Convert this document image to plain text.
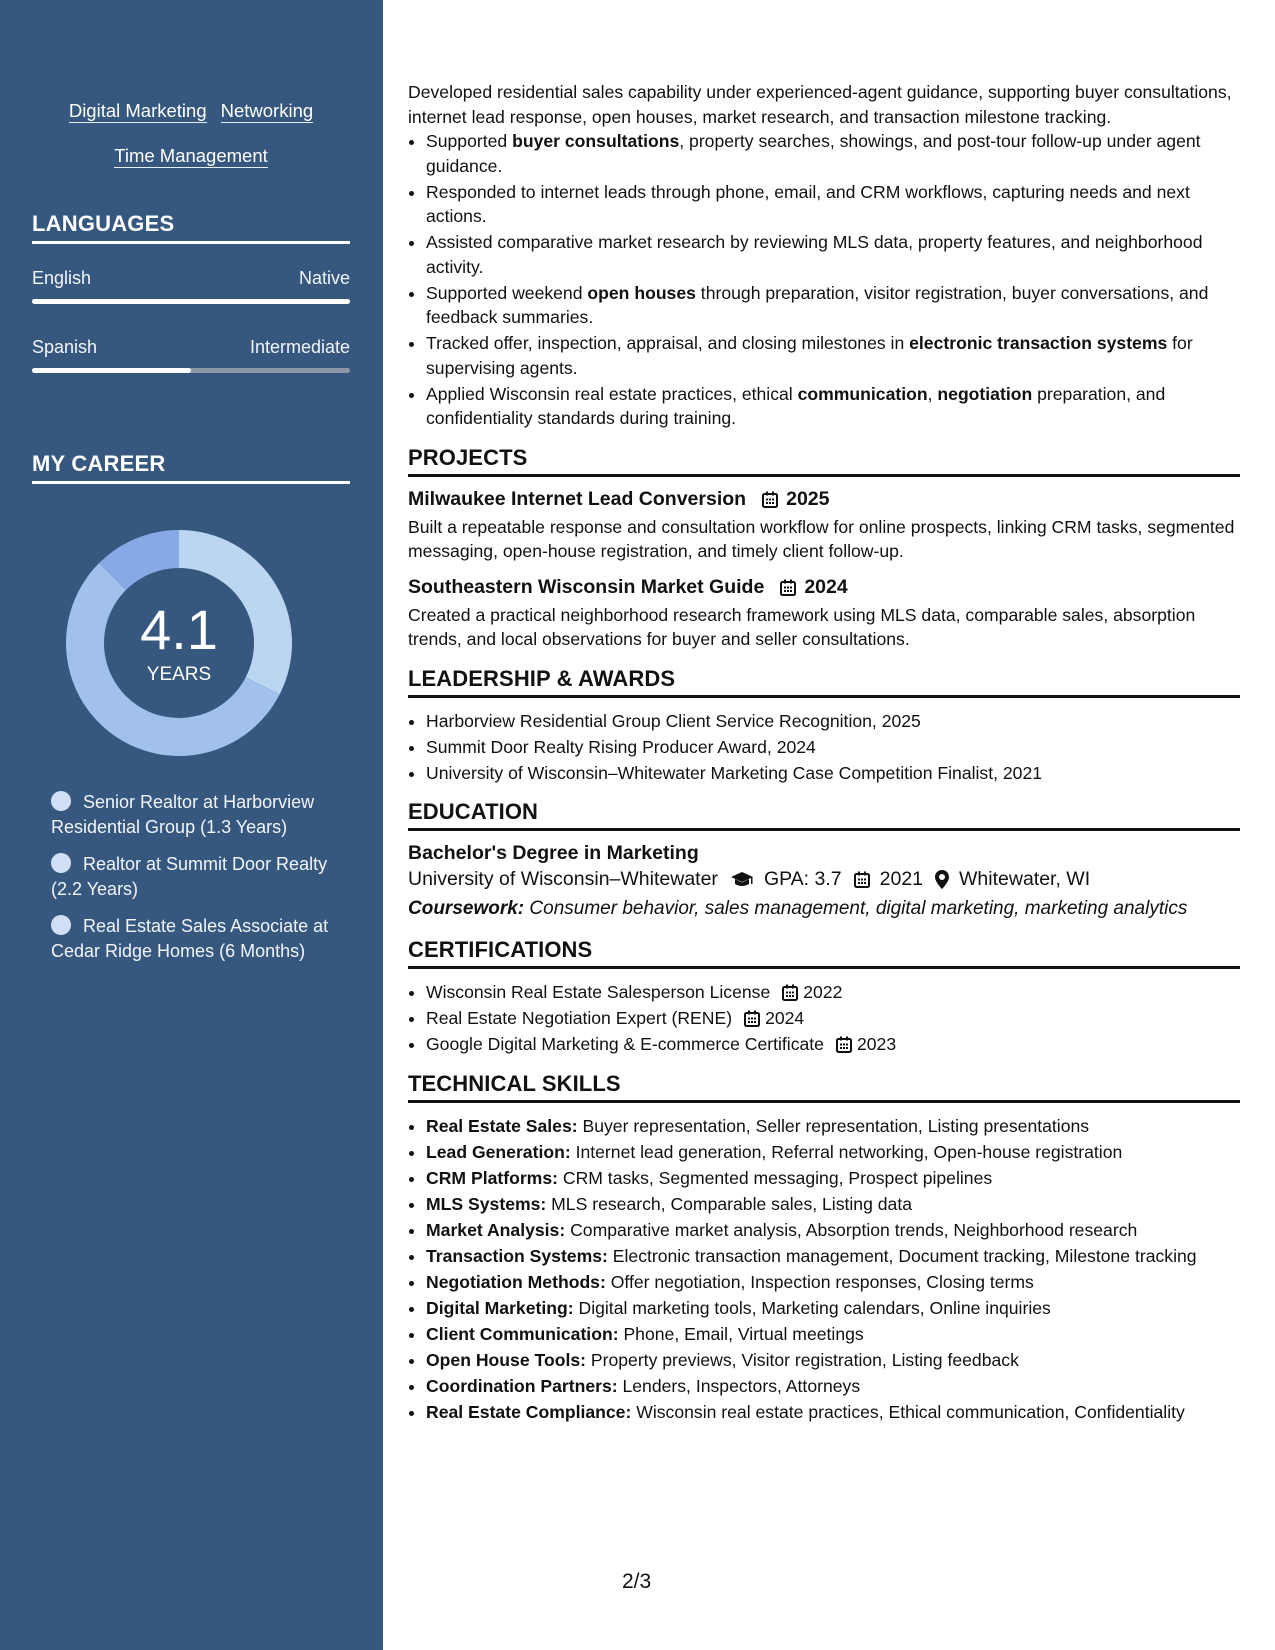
Digital Marketing Networking
Time Management
LANGUAGES
English	Native
Spanish	Intermediate
MY CAREER
4.1
YEARS
Senior Realtor at Harborview Residential Group (1.3 Years)
Realtor at Summit Door Realty (2.2 Years)
Real Estate Sales Associate at Cedar Ridge Homes (6 Months)

Developed residential sales capability under experienced-agent guidance, supporting buyer consultations, internet lead response, open houses, market research, and transaction milestone tracking.

• Supported buyer consultations, property searches, showings, and post-tour follow-up under agent guidance.
• Responded to internet leads through phone, email, and CRM workflows, capturing needs and next actions.
• Assisted comparative market research by reviewing MLS data, property features, and neighborhood activity.
• Supported weekend open houses through preparation, visitor registration, buyer conversations, and feedback summaries.
• Tracked offer, inspection, appraisal, and closing milestones in electronic transaction systems for supervising agents.
• Applied Wisconsin real estate practices, ethical communication, negotiation preparation, and confidentiality standards during training.
PROJECTS
Milwaukee Internet Lead Conversion 2025

Built a repeatable response and consultation workflow for online prospects, linking CRM tasks, segmented messaging, open-house registration, and timely client follow-up.

Southeastern Wisconsin Market Guide 2024

Created a practical neighborhood research framework using MLS data, comparable sales, absorption trends, and local observations for buyer and seller consultations.

LEADERSHIP & AWARDS
• Harborview Residential Group Client Service Recognition, 2025
• Summit Door Realty Rising Producer Award, 2024
• University of Wisconsin–Whitewater Marketing Case Competition Finalist, 2021
EDUCATION
Bachelor's Degree in Marketing
University of Wisconsin–Whitewater GPA: 3.7 2021 Whitewater, WI
Coursework: Consumer behavior, sales management, digital marketing, marketing analytics
CERTIFICATIONS
• Wisconsin Real Estate Salesperson License 2022
• Real Estate Negotiation Expert (RENE) 2024
• Google Digital Marketing & E-commerce Certificate 2023
TECHNICAL SKILLS
• Real Estate Sales: Buyer representation, Seller representation, Listing presentations
• Lead Generation: Internet lead generation, Referral networking, Open-house registration
• CRM Platforms: CRM tasks, Segmented messaging, Prospect pipelines
• MLS Systems: MLS research, Comparable sales, Listing data
• Market Analysis: Comparative market analysis, Absorption trends, Neighborhood research
• Transaction Systems: Electronic transaction management, Document tracking, Milestone tracking
• Negotiation Methods: Offer negotiation, Inspection responses, Closing terms
• Digital Marketing: Digital marketing tools, Marketing calendars, Online inquiries
• Client Communication: Phone, Email, Virtual meetings
• Open House Tools: Property previews, Visitor registration, Listing feedback
• Coordination Partners: Lenders, Inspectors, Attorneys
• Real Estate Compliance: Wisconsin real estate practices, Ethical communication, Confidentiality
2/3
